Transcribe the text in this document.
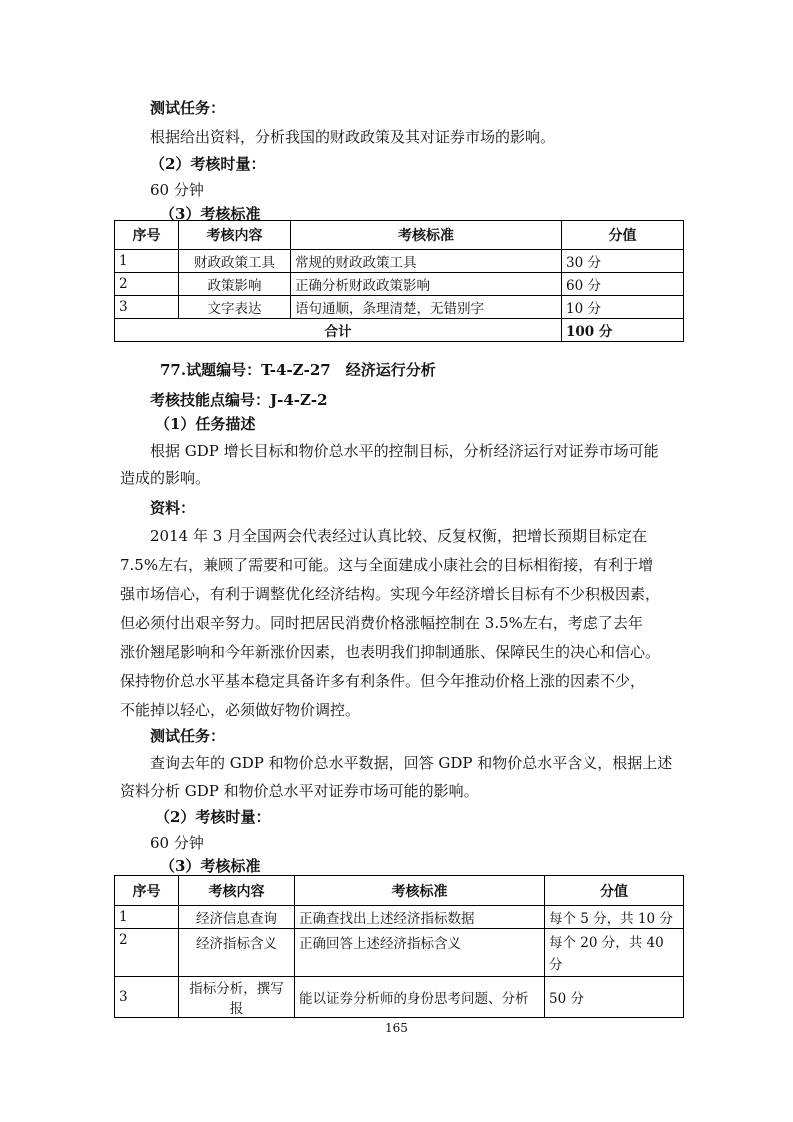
测试任务：
根据给出资料，分析我国的财政政策及其对证券市场的影响。
（2）考核时量：
60 分钟
（3）考核标准
序号	考核内容	考核标准	分值
1	财政政策工具	常规的财政政策工具	30 分
2	政策影响	正确分析财政政策影响	60 分
3	文字表达	语句通顺，条理清楚，无错别字	10 分
合计			100 分
77.试题编号：T-4-Z-27　经济运行分析
考核技能点编号：J-4-Z-2
（1）任务描述
根据 GDP 增长目标和物价总水平的控制目标，分析经济运行对证券市场可能
造成的影响。
资料：
2014 年 3 月全国两会代表经过认真比较、反复权衡，把增长预期目标定在
7.5%左右，兼顾了需要和可能。这与全面建成小康社会的目标相衔接，有利于增
强市场信心，有利于调整优化经济结构。实现今年经济增长目标有不少积极因素，
但必须付出艰辛努力。同时把居民消费价格涨幅控制在 3.5%左右，考虑了去年
涨价翘尾影响和今年新涨价因素，也表明我们抑制通胀、保障民生的决心和信心。
保持物价总水平基本稳定具备许多有利条件。但今年推动价格上涨的因素不少，
不能掉以轻心，必须做好物价调控。
测试任务：
查询去年的 GDP 和物价总水平数据，回答 GDP 和物价总水平含义，根据上述
资料分析 GDP 和物价总水平对证券市场可能的影响。
（2）考核时量：
60 分钟
（3）考核标准
序号	考核内容	考核标准	分值
1	经济信息查询	正确查找出上述经济指标数据	每个 5 分，共 10 分
2	经济指标含义	正确回答上述经济指标含义	每个 20 分，共 40 分
3	指标分析，撰写报	能以证券分析师的身份思考问题、分析	50 分
165
